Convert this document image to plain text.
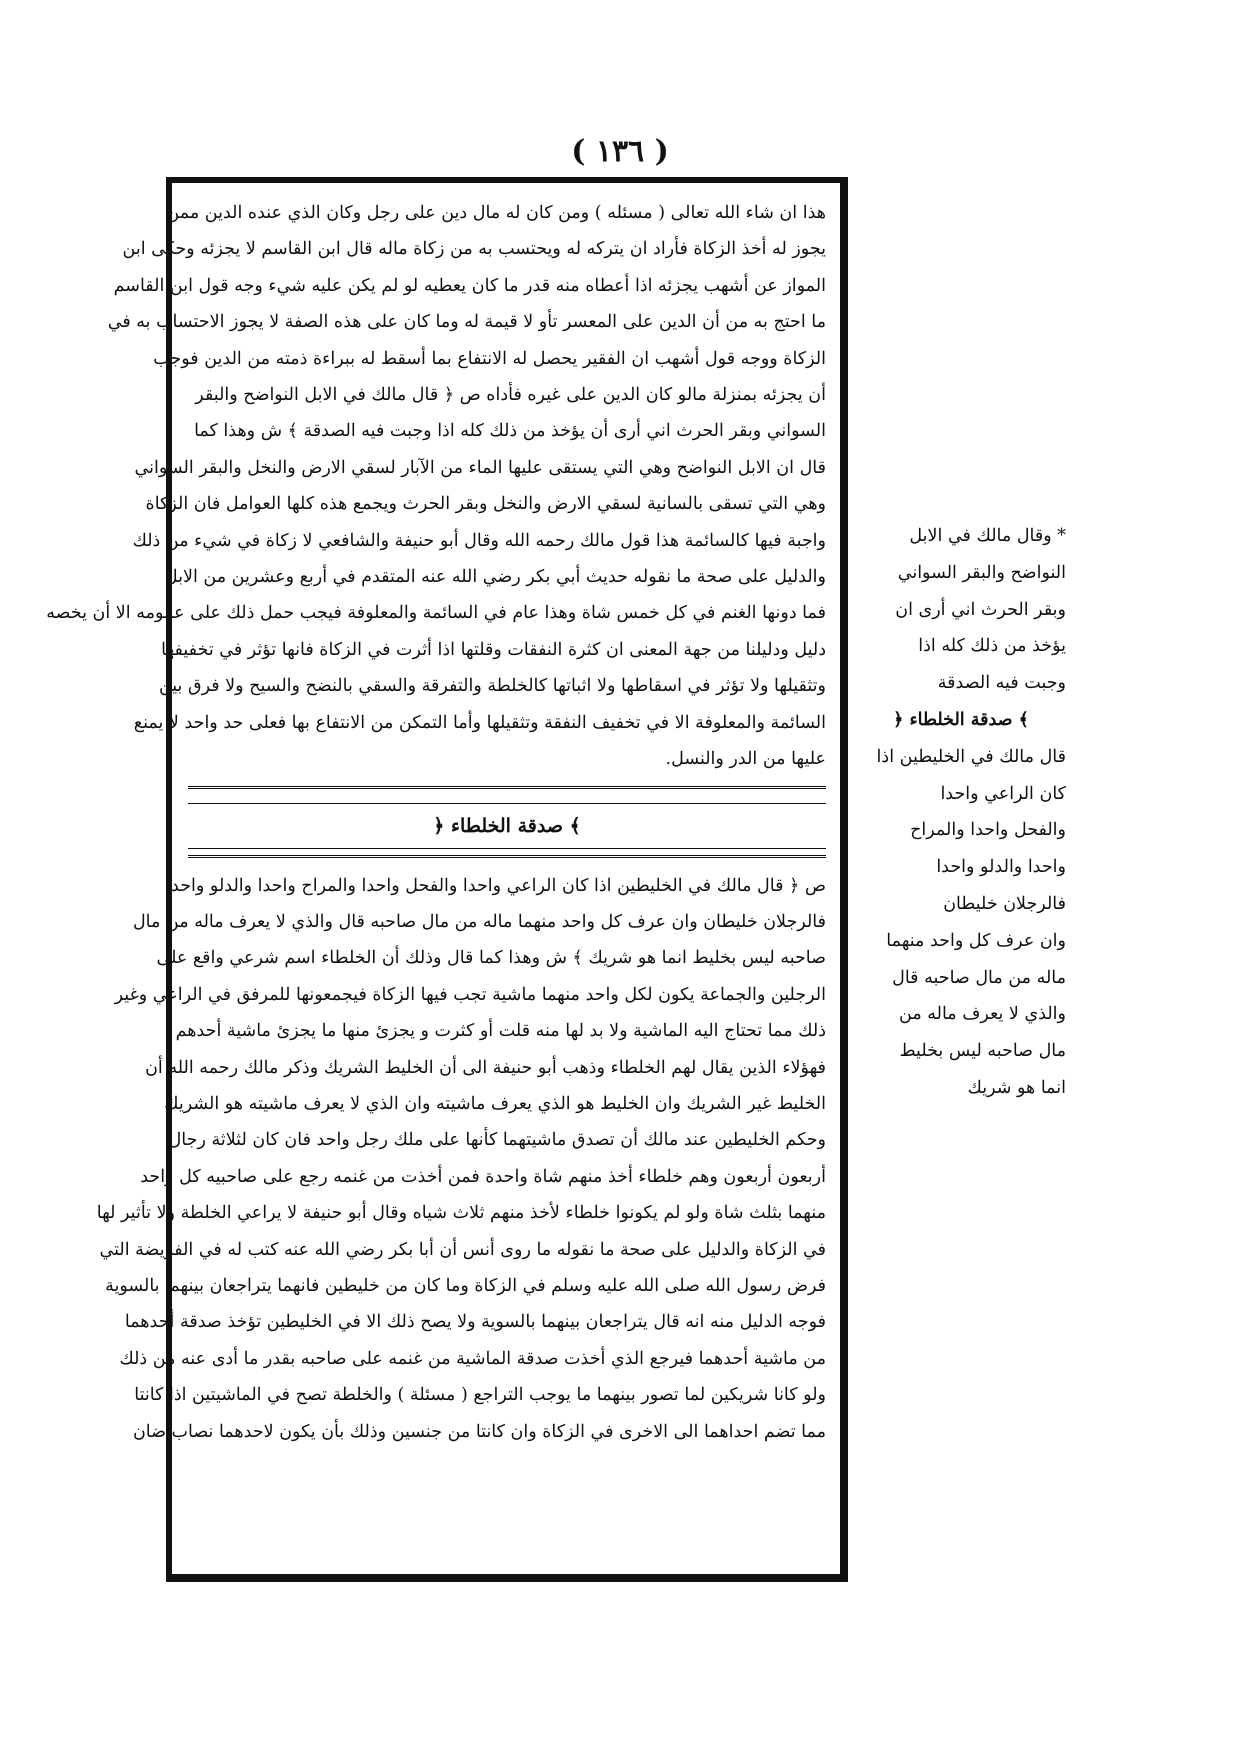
( ١٣٦ )
هذا ان شاء الله تعالى ( مسئله ) ومن كان له مال دين على رجل وكان الذي عنده الدين ممن
يجوز له أخذ الزكاة فأراد ان يتركه له ويحتسب به من زكاة ماله قال ابن القاسم لا يجزئه وحكى ابن
المواز عن أشهب يجزئه اذا أعطاه منه قدر ما كان يعطيه لو لم يكن عليه شيء وجه قول ابن القاسم
ما احتج به من أن الدين على المعسر تأو لا قيمة له وما كان على هذه الصفة لا يجوز الاحتساب به في
الزكاة ووجه قول أشهب ان الفقير يحصل له الانتفاع بما أسقط له ببراءة ذمته من الدين فوجب
أن يجزئه بمنزلة مالو كان الدين على غيره فأداه ص ﴿ قال مالك في الابل النواضح والبقر
السواني وبقر الحرث اني أرى أن يؤخذ من ذلك كله اذا وجبت فيه الصدقة ﴾ ش وهذا كما
قال ان الابل النواضح وهي التي يستقى عليها الماء من الآبار لسقي الارض والنخل والبقر السواني
وهي التي تسقى بالسانية لسقي الارض والنخل وبقر الحرث ويجمع هذه كلها العوامل فان الزكاة
واجبة فيها كالسائمة هذا قول مالك رحمه الله وقال أبو حنيفة والشافعي لا زكاة في شيء من ذلك
والدليل على صحة ما نقوله حديث أبي بكر رضي الله عنه المتقدم في أربع وعشرين من الابل
فما دونها الغنم في كل خمس شاة وهذا عام في السائمة والمعلوفة فيجب حمل ذلك على عمومه الا أن يخصه
دليل ودليلنا من جهة المعنى ان كثرة النفقات وقلتها اذا أثرت في الزكاة فانها تؤثر في تخفيفها
وتثقيلها ولا تؤثر في اسقاطها ولا اثباتها كالخلطة والتفرقة والسقي بالنضح والسيح ولا فرق بين
السائمة والمعلوفة الا في تخفيف النفقة وتثقيلها وأما التمكن من الانتفاع بها فعلى حد واحد لا يمنع
عليها من الدر والنسل.
﴾ صدقة الخلطاء ﴿
ص ﴿ قال مالك في الخليطين اذا كان الراعي واحدا والفحل واحدا والمراح واحدا والدلو واحدا
فالرجلان خليطان وان عرف كل واحد منهما ماله من مال صاحبه قال والذي لا يعرف ماله من مال
صاحبه ليس بخليط انما هو شريك ﴾ ش وهذا كما قال وذلك أن الخلطاء اسم شرعي واقع على
الرجلين والجماعة يكون لكل واحد منهما ماشية تجب فيها الزكاة فيجمعونها للمرفق في الراعي وغير
ذلك مما تحتاج اليه الماشية ولا بد لها منه قلت أو كثرت و يجزئ منها ما يجزئ ماشية أحدهم
فهؤلاء الذين يقال لهم الخلطاء وذهب أبو حنيفة الى أن الخليط الشريك وذكر مالك رحمه الله أن
الخليط غير الشريك وان الخليط هو الذي يعرف ماشيته وان الذي لا يعرف ماشيته هو الشريك
وحكم الخليطين عند مالك أن تصدق ماشيتهما كأنها على ملك رجل واحد فان كان لثلاثة رجال
أربعون أربعون وهم خلطاء أخذ منهم شاة واحدة فمن أخذت من غنمه رجع على صاحبيه كل واحد
منهما بثلث شاة ولو لم يكونوا خلطاء لأخذ منهم ثلاث شياه وقال أبو حنيفة لا يراعي الخلطة ولا تأثير لها
في الزكاة والدليل على صحة ما نقوله ما روى أنس أن أبا بكر رضي الله عنه كتب له في الفريضة التي
فرض رسول الله صلى الله عليه وسلم في الزكاة وما كان من خليطين فانهما يتراجعان بينهما بالسوية
فوجه الدليل منه انه قال يتراجعان بينهما بالسوية ولا يصح ذلك الا في الخليطين تؤخذ صدقة أحدهما
من ماشية أحدهما فيرجع الذي أخذت صدقة الماشية من غنمه على صاحبه بقدر ما أدى عنه من ذلك
ولو كانا شريكين لما تصور بينهما ما يوجب التراجع ( مسئلة ) والخلطة تصح في الماشيتين اذا كانتا
مما تضم احداهما الى الاخرى في الزكاة وان كانتا من جنسين وذلك بأن يكون لاحدهما نصاب ضان
* وقال مالك في الابل
النواضح والبقر السواني
وبقر الحرث اني أرى ان
يؤخذ من ذلك كله اذا
وجبت فيه الصدقة
﴾ صدقة الخلطاء ﴿
قال مالك في الخليطين اذا
كان الراعي واحدا
والفحل واحدا والمراح
واحدا والدلو واحدا
فالرجلان خليطان
وان عرف كل واحد منهما
ماله من مال صاحبه قال
والذي لا يعرف ماله من
مال صاحبه ليس بخليط
انما هو شريك
